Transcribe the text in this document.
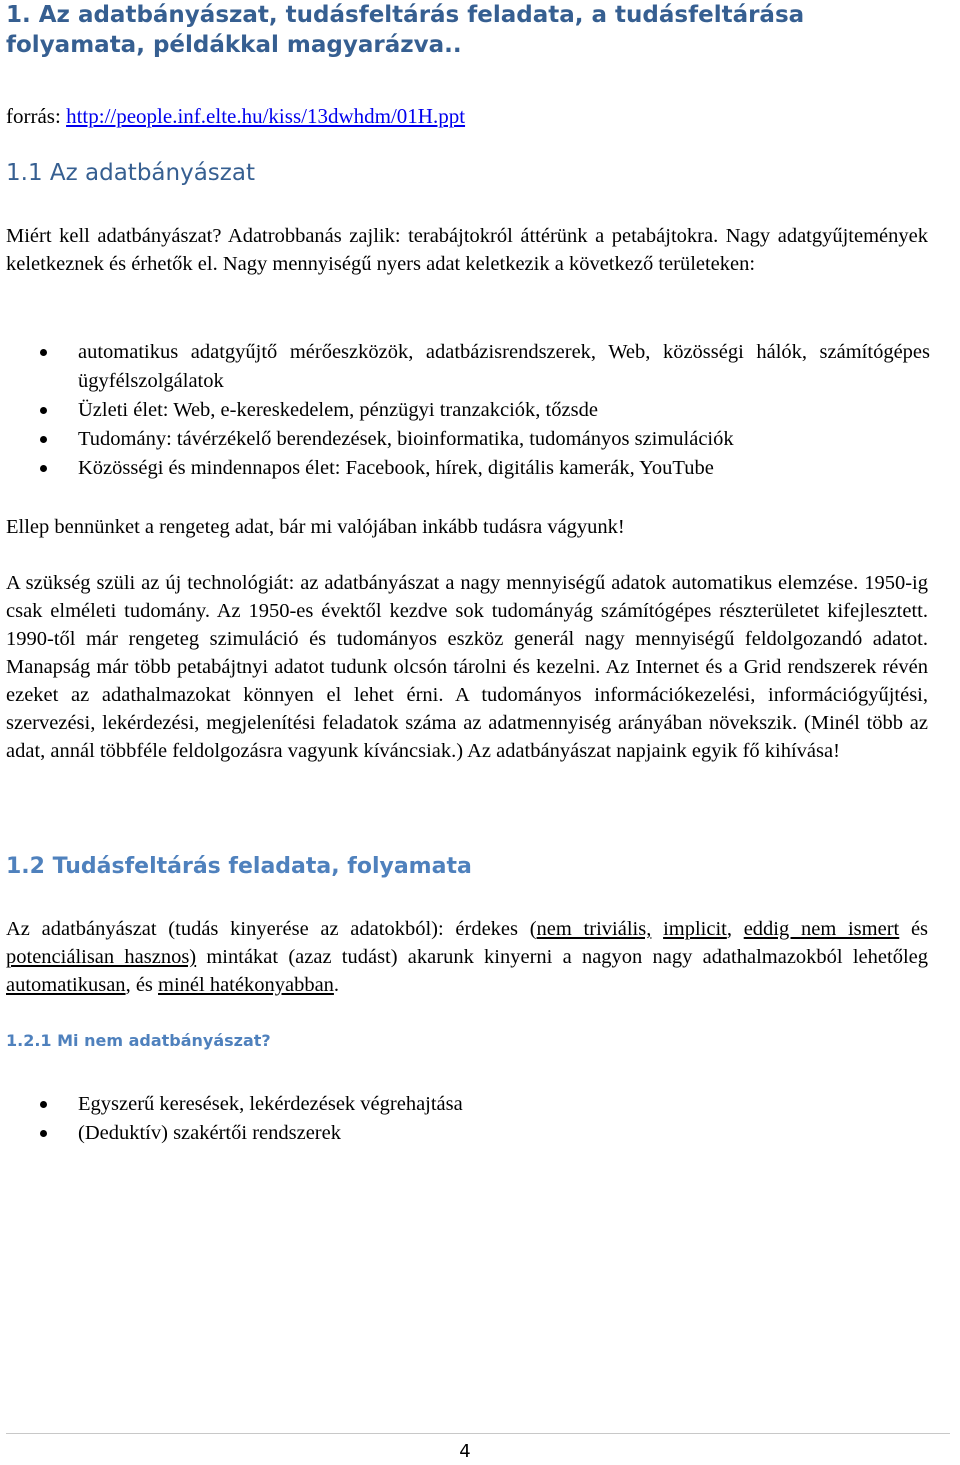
1. Az adatbányászat, tudásfeltárás feladata, a tudásfeltárása folyamata, példákkal magyarázva..
forrás: http://people.inf.elte.hu/kiss/13dwhdm/01H.ppt
1.1 Az adatbányászat
Miért kell adatbányászat? Adatrobbanás zajlik: terabájtokról áttérünk a petabájtokra. Nagy adatgyűjtemények keletkeznek és érhetők el. Nagy mennyiségű nyers adat keletkezik a következő területeken:
automatikus adatgyűjtő mérőeszközök, adatbázisrendszerek, Web, közösségi hálók, számítógépes ügyfélszolgálatok
Üzleti élet: Web, e-kereskedelem, pénzügyi tranzakciók, tőzsde
Tudomány: távérzékelő berendezések, bioinformatika, tudományos szimulációk
Közösségi és mindennapos élet: Facebook, hírek, digitális kamerák, YouTube
Ellep bennünket a rengeteg adat, bár mi valójában inkább tudásra vágyunk!
A szükség szüli az új technológiát: az adatbányászat a nagy mennyiségű adatok automatikus elemzése. 1950-ig csak elméleti tudomány. Az 1950-es évektől kezdve sok tudományág számítógépes részterületet kifejlesztett. 1990-től már rengeteg szimuláció és tudományos eszköz generál nagy mennyiségű feldolgozandó adatot. Manapság már több petabájtnyi adatot tudunk olcsón tárolni és kezelni. Az Internet és a Grid rendszerek révén ezeket az adathalmazokat könnyen el lehet érni. A tudományos információkezelési, információgyűjtési, szervezési, lekérdezési, megjelenítési feladatok száma az adatmennyiség arányában növekszik. (Minél több az adat, annál többféle feldolgozásra vagyunk kíváncsiak.) Az adatbányászat napjaink egyik fő kihívása!
1.2 Tudásfeltárás feladata, folyamata
Az adatbányászat (tudás kinyerése az adatokból): érdekes (nem triviális, implicit, eddig nem ismert és potenciálisan hasznos) mintákat (azaz tudást) akarunk kinyerni a nagyon nagy adathalmazokból lehetőleg automatikusan, és minél hatékonyabban.
1.2.1 Mi nem adatbányászat?
Egyszerű keresések, lekérdezések végrehajtása
(Deduktív) szakértői rendszerek
4
